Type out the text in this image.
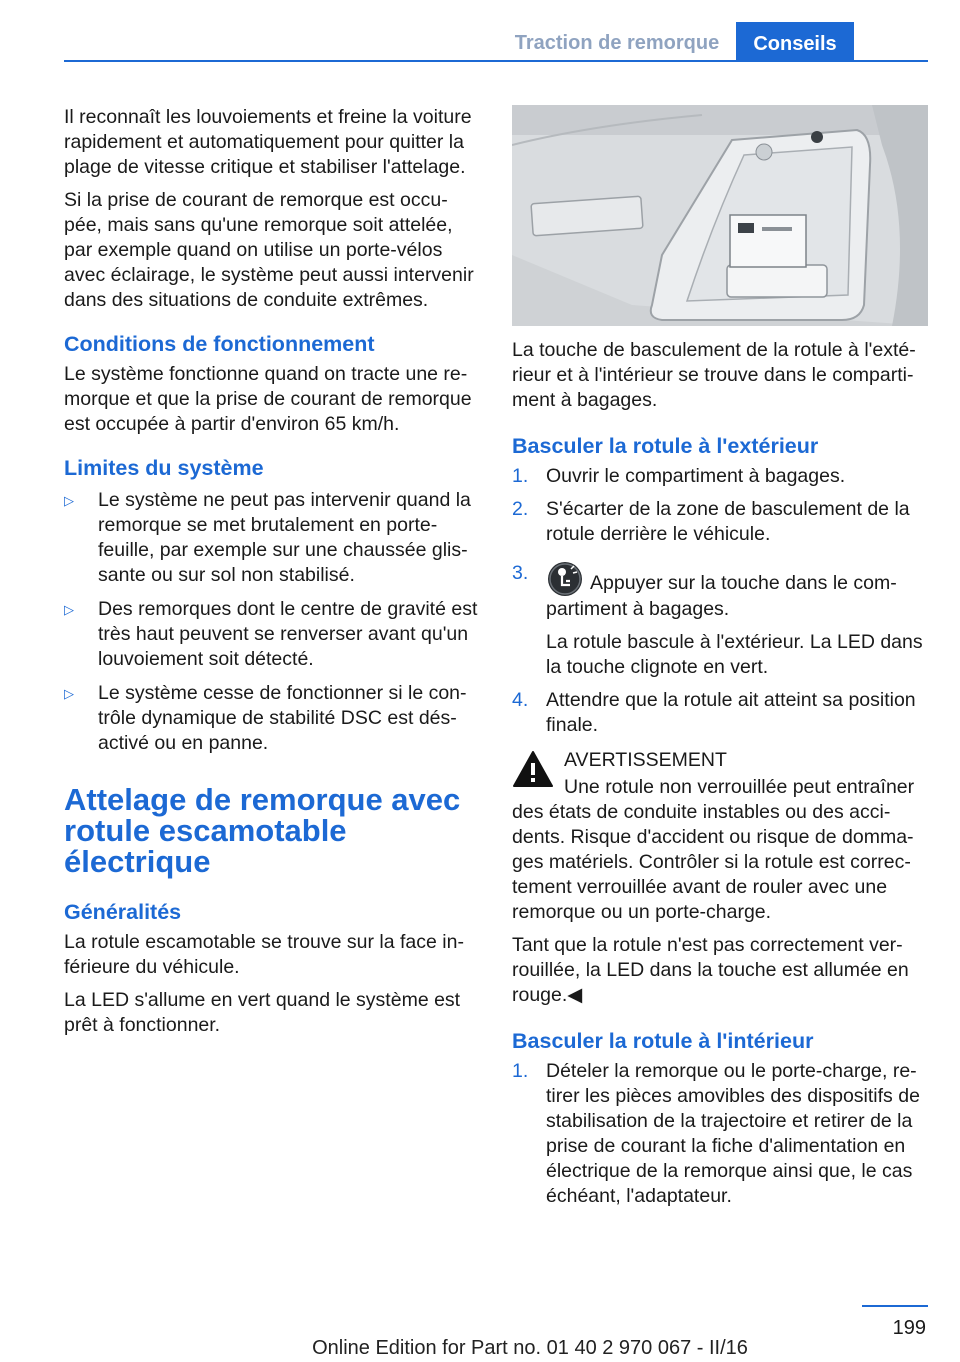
Traction de remorque	Conseils

Il reconnaît les louvoiements et freine la voiture rapidement et automatiquement pour quitter la plage de vitesse critique et stabiliser l'attelage.

Si la prise de courant de remorque est occu‐pée, mais sans qu'une remorque soit attelée, par exemple quand on utilise un porte-vélos avec éclairage, le système peut aussi intervenir dans des situations de conduite extrêmes.

Conditions de fonctionnement

Le système fonctionne quand on tracte une re‐morque et que la prise de courant de remorque est occupée à partir d'environ 65 km/h.

Limites du système
▷ Le système ne peut pas intervenir quand la remorque se met brutalement en porte-feuille, par exemple sur une chaussée glis‐sante ou sur sol non stabilisé.
▷ Des remorques dont le centre de gravité est très haut peuvent se renverser avant qu'un louvoiement soit détecté.
▷ Le système cesse de fonctionner si le con‐trôle dynamique de stabilité DSC est dés‐activé ou en panne.
Attelage de remorque avec rotule escamotable électrique
Généralités

La rotule escamotable se trouve sur la face in‐férieure du véhicule.

La LED s'allume en vert quand le système est prêt à fonctionner.

La touche de basculement de la rotule à l'exté‐rieur et à l'intérieur se trouve dans le comparti‐ment à bagages.

Basculer la rotule à l'extérieur
1. Ouvrir le compartiment à bagages.
2. S'écarter de la zone de basculement de la rotule derrière le véhicule.
3.	Appuyer sur la touche dans le com‐partiment à bagages.
La rotule bascule à l'extérieur. La LED dans la touche clignote en vert.
4. Attendre que la rotule ait atteint sa position finale.

AVERTISSEMENT

Une rotule non verrouillée peut entraîner des états de conduite instables ou des acci‐dents. Risque d'accident ou risque de domma‐ges matériels. Contrôler si la rotule est correc‐tement verrouillée avant de rouler avec une remorque ou un porte-charge.

Tant que la rotule n'est pas correctement ver‐rouillée, la LED dans la touche est allumée en rouge.◀

Basculer la rotule à l'intérieur
1. Dételer la remorque ou le porte-charge, re‐tirer les pièces amovibles des dispositifs de stabilisation de la trajectoire et retirer de la prise de courant la fiche d'alimentation en électrique de la remorque ainsi que, le cas échéant, l'adaptateur.
199
Online Edition for Part no. 01 40 2 970 067 - II/16
